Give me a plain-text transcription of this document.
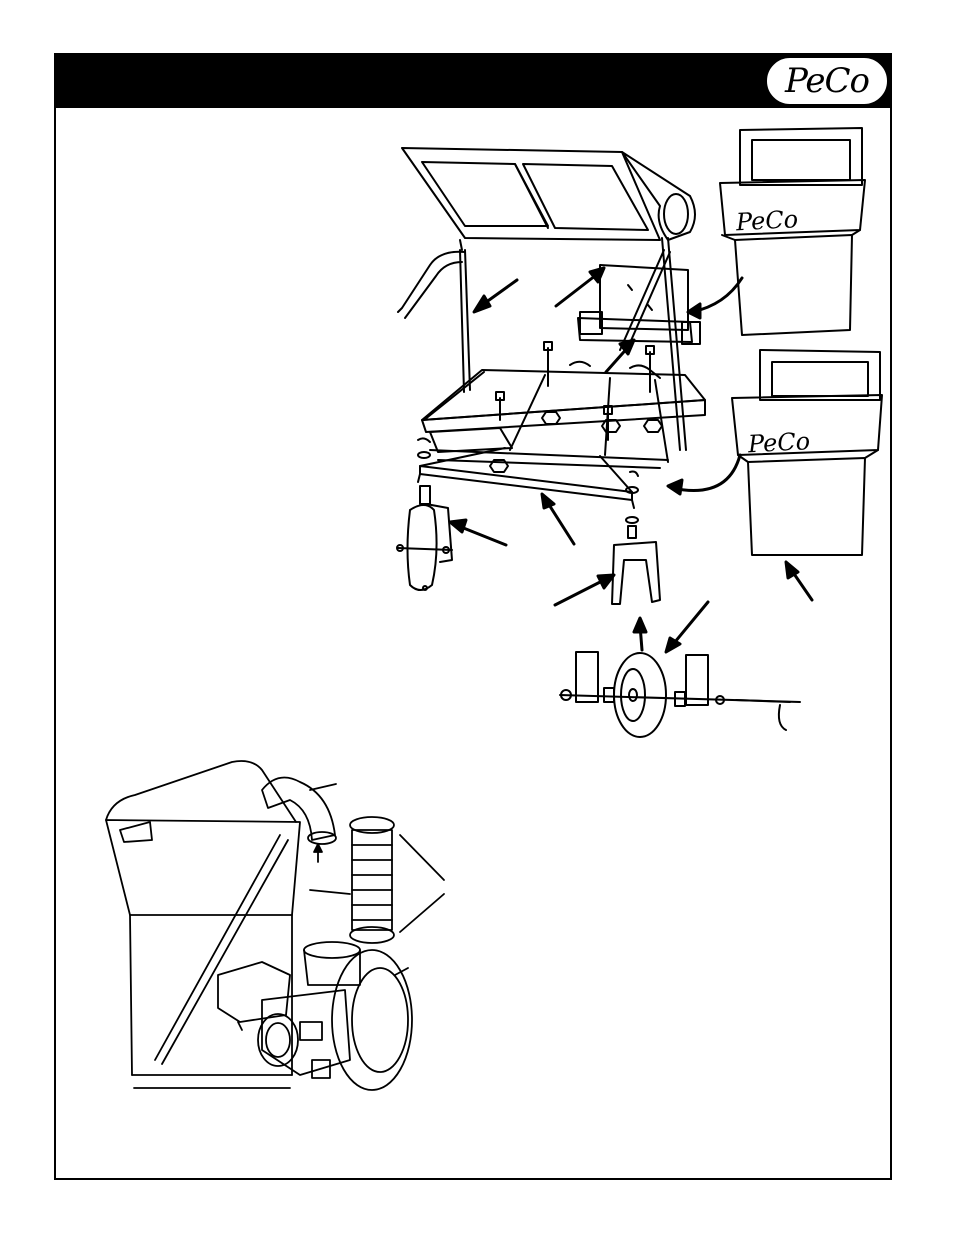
PeCo
PeCo
PeCo
